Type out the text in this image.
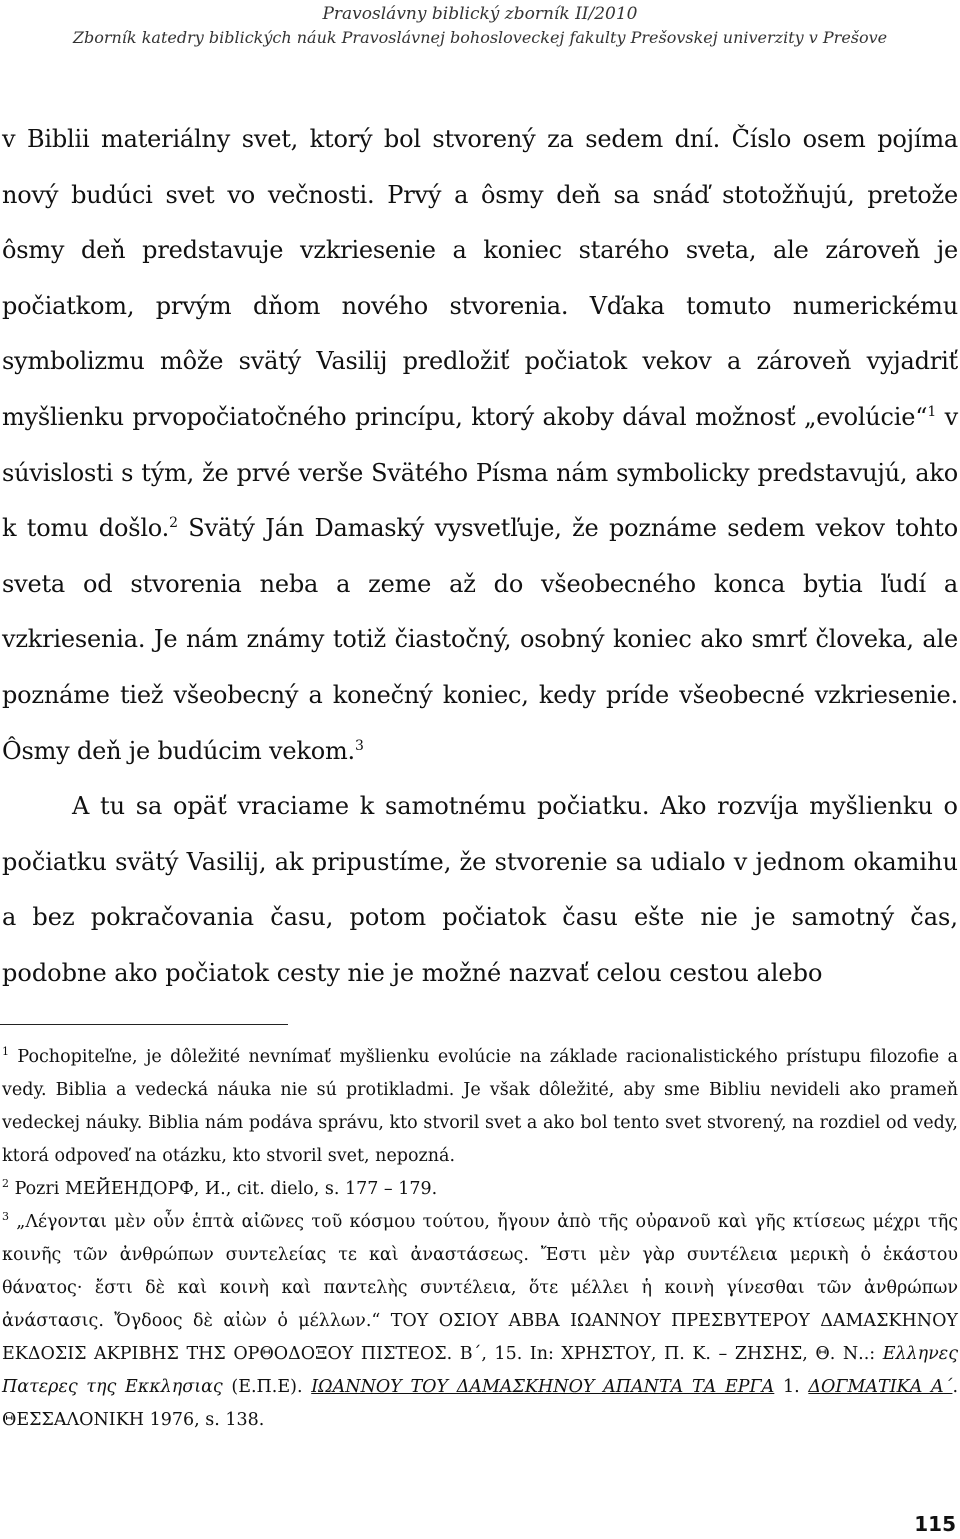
Pravoslávny biblický zborník II/2010
Zborník katedry biblických náuk Pravoslávnej bohosloveckej fakulty Prešovskej univerzity v Prešove

v Biblii materiálny svet, ktorý bol stvorený za sedem dní. Číslo osem pojíma nový budúci svet vo večnosti. Prvý a ôsmy deň sa snáď stotožňujú, pretože ôsmy deň predstavuje vzkriesenie a koniec starého sveta, ale zároveň je počiatkom, prvým dňom nového stvorenia. Vďaka tomuto numerickému symbolizmu môže svätý Vasilij predložiť počiatok vekov a zároveň vyjadriť myšlienku prvopočiatočného princípu, ktorý akoby dával možnosť „evolúcie“$^1$ v súvislosti s tým, že prvé verše Svätého Písma nám symbolicky predstavujú, ako k tomu došlo.$^2$ Svätý Ján Damaský vysvetľuje, že poznáme sedem vekov tohto sveta od stvorenia neba a zeme až do všeobecného konca bytia ľudí a vzkriesenia. Je nám známy totiž čiastočný, osobný koniec ako smrť človeka, ale poznáme tiež všeobecný a konečný koniec, kedy príde všeobecné vzkriesenie. Ôsmy deň je budúcim vekom.$^3$

A tu sa opäť vraciame k samotnému počiatku. Ako rozvíja myšlienku o počiatku svätý Vasilij, ak pripustíme, že stvorenie sa udialo v jednom okamihu a bez pokračovania času, potom počiatok času ešte nie je samotný čas, podobne ako počiatok cesty nie je možné nazvať celou cestou alebo

$^1$ Pochopiteľne, je dôležité nevnímať myšlienku evolúcie na základe racionalistického prístupu filozofie a vedy. Biblia a vedecká náuka nie sú protikladmi. Je však dôležité, aby sme Bibliu nevideli ako prameň vedeckej náuky. Biblia nám podáva správu, kto stvoril svet a ako bol tento svet stvorený, na rozdiel od vedy, ktorá odpoveď na otázku, kto stvoril svet, nepozná.

$^2$ Pozri МЕЙЕНДОРФ, И., cit. dielo, s. 177 – 179.

$^3$ „Λέγονται μὲν οὖν ἑπτὰ αἰῶνες τοῦ κόσμου τούτου, ἤγουν ἀπὸ τῆς οὐρανοῦ καὶ γῆς κτίσεως μέχρι τῆς κοινῆς τῶν ἀνθρώπων συντελείας τε καὶ ἀναστάσεως. Ἔστι μὲν γὰρ συντέλεια μερικὴ ὁ ἑκάστου θάνατος· ἔστι δὲ καὶ κοινὴ καὶ παντελὴς συντέλεια, ὅτε μέλλει ἡ κοινὴ γίνεσθαι τῶν ἀνθρώπων ἀνάστασις. Ὄγδοος δὲ αἰὼν ὁ μέλλων.“ ΤΟΥ ΟΣΙΟΥ ΑΒΒΑ ΙΩΑΝΝΟΥ ΠΡΕΣΒΥΤΕΡΟΥ ΔΑΜΑΣΚΗΝΟΥ ΕΚΔΟΣΙΣ ΑΚΡΙΒΗΣ ΤΗΣ ΟΡΘΟΔΟΞΟΥ ΠΙΣΤΕΟΣ. Β΄, 15. In: ΧΡΗΣΤΟΥ, Π. Κ. – ΖΗΣΗΣ, Θ. Ν..: Ελληνες Πατερες της Εκκλησιας (Ε.Π.Ε). ΙΩΑΝΝΟΥ ΤΟΥ ΔΑΜΑΣΚΗΝΟΥ ΑΠΑΝΤΑ ΤΑ ΕΡΓΑ 1. ΔΟΓΜΑΤΙΚΑ Α΄. ΘΕΣΣΑΛΟΝΙΚΗ 1976, s. 138.

115
